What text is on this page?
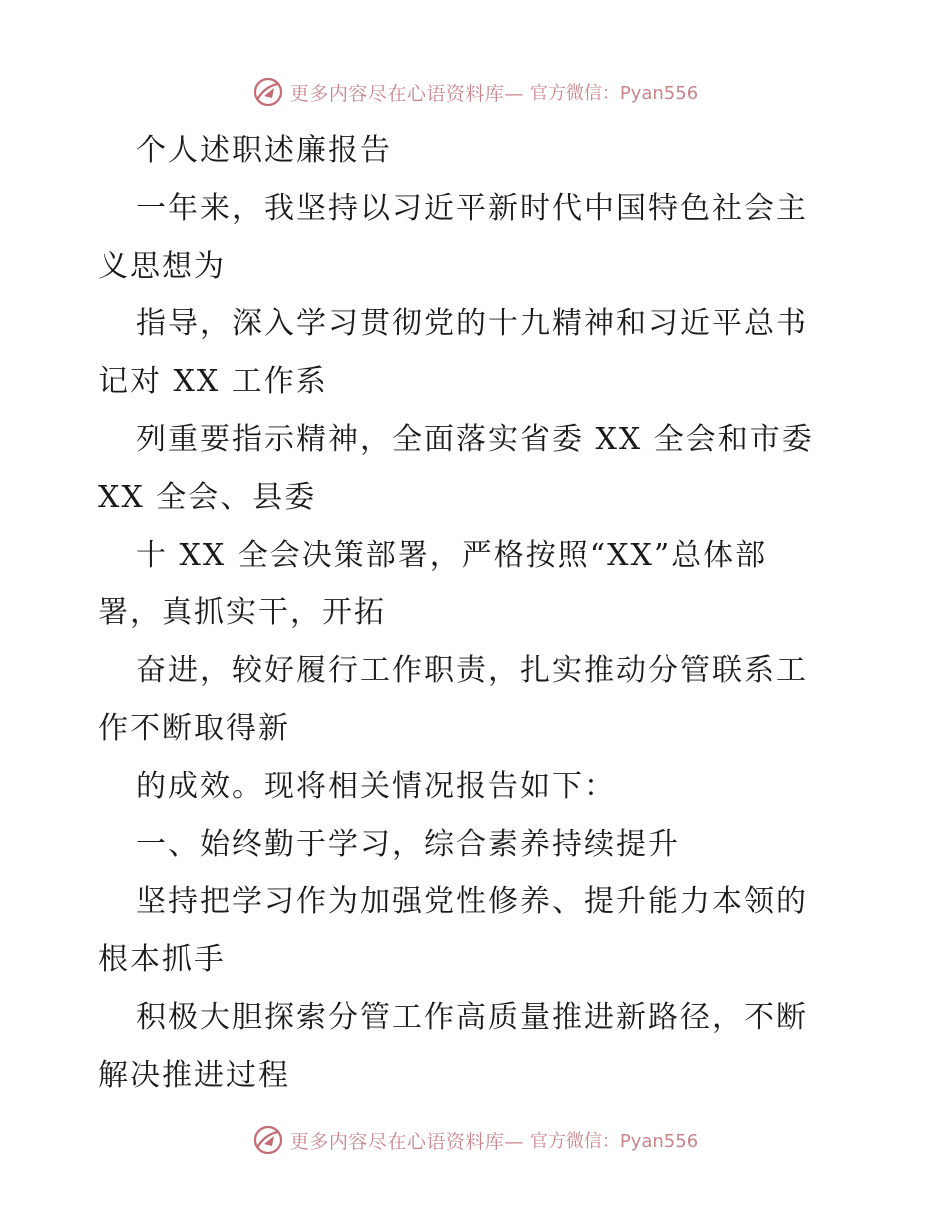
更多内容尽在心语资料库— 官方微信：Pyan556
个人述职述廉报告
一年来，我坚持以习近平新时代中国特色社会主
义思想为
指导，深入学习贯彻党的十九精神和习近平总书
记对 XX 工作系
列重要指示精神，全面落实省委 XX 全会和市委
XX 全会、县委
十 XX 全会决策部署，严格按照“XX”总体部
署，真抓实干，开拓
奋进，较好履行工作职责，扎实推动分管联系工
作不断取得新
的成效。现将相关情况报告如下：
一、始终勤于学习，综合素养持续提升
坚持把学习作为加强党性修养、提升能力本领的
根本抓手
积极大胆探索分管工作高质量推进新路径，不断
解决推进过程
更多内容尽在心语资料库— 官方微信：Pyan556
